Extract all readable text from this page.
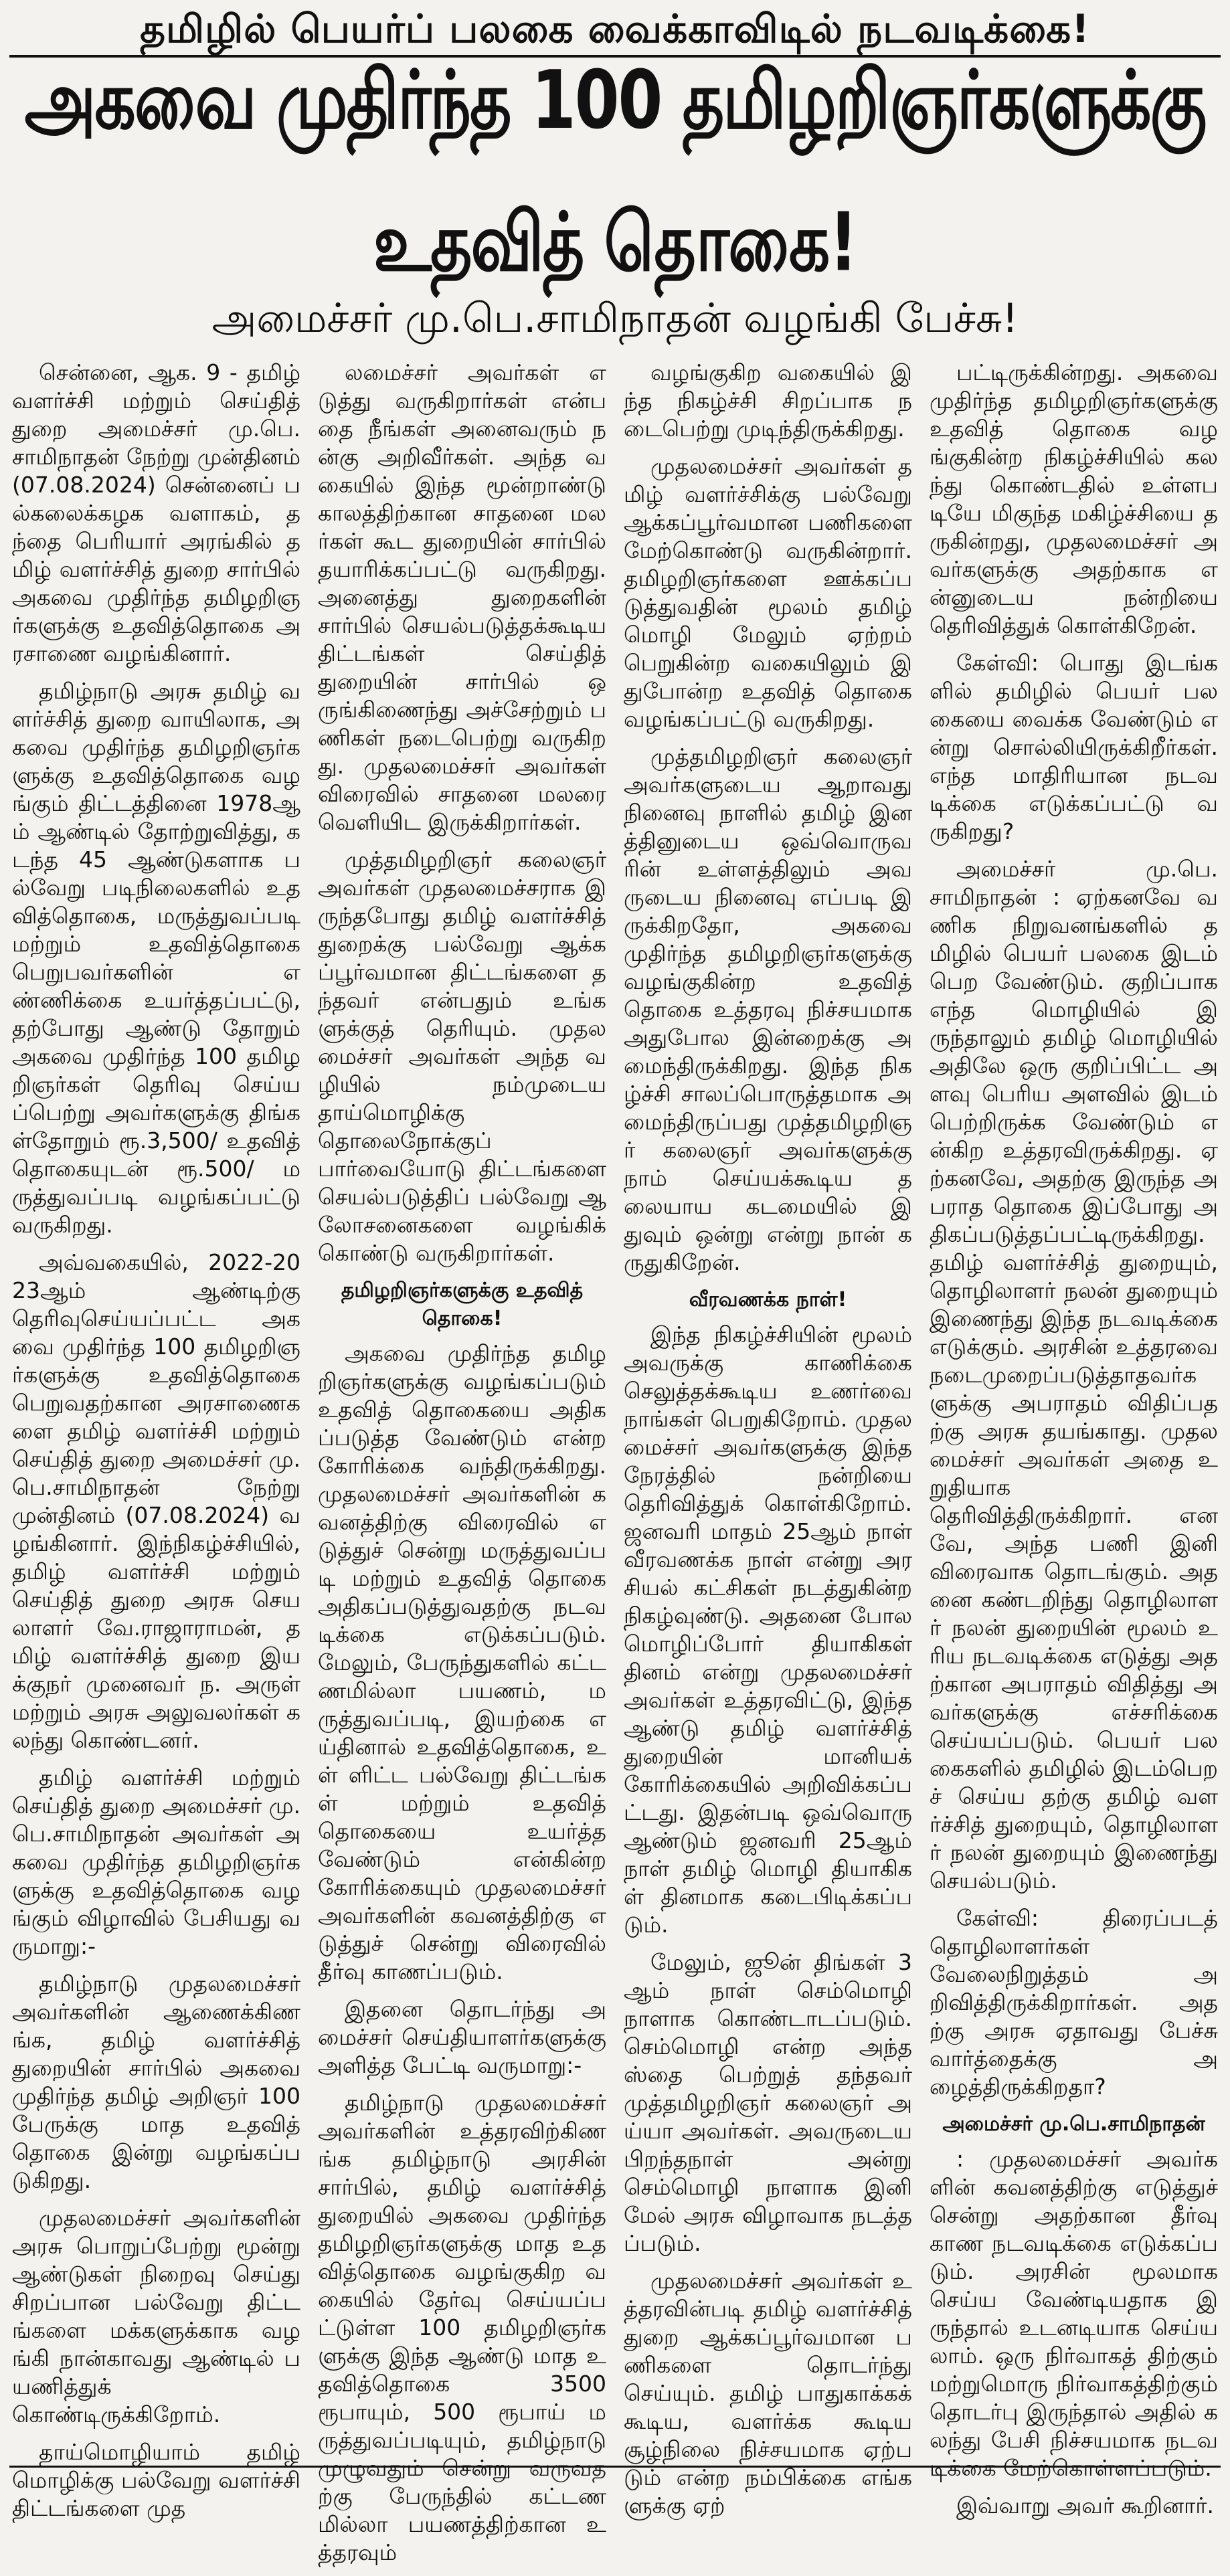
தமிழில் பெயர்ப் பலகை வைக்காவிடில் நடவடிக்கை!
அகவை முதிர்ந்த 100 தமிழறிஞர்களுக்கு உதவித் தொகை!
அமைச்சர் மு.பெ.சாமிநாதன் வழங்கி பேச்சு!

சென்னை, ஆக. 9 - தமிழ் வளர்ச்சி மற்றும் செய்தித் துறை அமைச்சர் மு.பெ.சாமிநாதன் நேற்று முன்தினம் (07.08.2024) சென்னைப் பல்கலைக்கழக வளாகம், தந்தை பெரியார் அரங்கில் தமிழ் வளர்ச்சித் துறை சார்பில் அகவை முதிர்ந்த தமிழறிஞர்களுக்கு உதவித்தொகை அரசாணை வழங்கினார்.

தமிழ்நாடு அரசு தமிழ் வளர்ச்சித் துறை வாயிலாக, அகவை முதிர்ந்த தமிழறிஞர்களுக்கு உதவித்தொகை வழங்கும் திட்டத்தினை 1978ஆம் ஆண்டில் தோற்றுவித்து, கடந்த 45 ஆண்டுகளாக பல்வேறு படிநிலைகளில் உதவித்தொகை, மருத்துவப்படி மற்றும் உதவித்தொகை பெறுபவர்களின் எண்ணிக்கை உயர்த்தப்பட்டு, தற்போது ஆண்டு தோறும் அகவை முதிர்ந்த 100 தமிழறிஞர்கள் தெரிவு செய்யப்பெற்று அவர்களுக்கு திங்கள்தோறும் ரூ.3,500/ உதவித் தொகையுடன் ரூ.500/ மருத்துவப்படி வழங்கப்பட்டு வருகிறது.

அவ்வகையில், 2022-2023ஆம் ஆண்டிற்கு தெரிவுசெய்யப்பட்ட அகவை முதிர்ந்த 100 தமிழறிஞர்களுக்கு உதவித்தொகை பெறுவதற்கான அரசாணைகளை தமிழ் வளர்ச்சி மற்றும் செய்தித் துறை அமைச்சர் மு.பெ.சாமிநாதன் நேற்று முன்தினம் (07.08.2024) வழங்கினார். இந்நிகழ்ச்சியில், தமிழ் வளர்ச்சி மற்றும் செய்தித் துறை அரசு செயலாளர் வே.ராஜாராமன், தமிழ் வளர்ச்சித் துறை இயக்குநர் முனைவர் ந. அருள் மற்றும் அரசு அலுவலர்கள் கலந்து கொண்டனர்.

தமிழ் வளர்ச்சி மற்றும் செய்தித் துறை அமைச்சர் மு.பெ.சாமிநாதன் அவர்கள் அகவை முதிர்ந்த தமிழறிஞர்களுக்கு உதவித்தொகை வழங்கும் விழாவில் பேசியது வருமாறு:-

தமிழ்நாடு முதலமைச்சர் அவர்களின் ஆணைக்கிணங்க, தமிழ் வளர்ச்சித் துறையின் சார்பில் அகவை முதிர்ந்த தமிழ் அறிஞர் 100 பேருக்கு மாத உதவித் தொகை இன்று வழங்கப்படுகிறது.

முதலமைச்சர் அவர்களின் அரசு பொறுப்பேற்று மூன்று ஆண்டுகள் நிறைவு செய்து சிறப்பான பல்வேறு திட்டங்களை மக்களுக்காக வழங்கி நான்காவது ஆண்டில் பயணித்துக் கொண்டிருக்கிறோம்.

தாய்மொழியாம் தமிழ் மொழிக்கு பல்வேறு வளர்ச்சி திட்டங்களை முத

லமைச்சர் அவர்கள் எடுத்து வருகிறார்கள் என்பதை நீங்கள் அனைவரும் நன்கு அறிவீர்கள். அந்த வகையில் இந்த மூன்றாண்டு காலத்திற்கான சாதனை மலர்கள் கூட துறையின் சார்பில் தயாரிக்கப்பட்டு வருகிறது. அனைத்து துறைகளின் சார்பில் செயல்படுத்தக்கூடிய திட்டங்கள் செய்தித் துறையின் சார்பில் ஒருங்கிணைந்து அச்சேற்றும் பணிகள் நடைபெற்று வருகிறது. முதலமைச்சர் அவர்கள் விரைவில் சாதனை மலரை வெளியிட இருக்கிறார்கள்.

முத்தமிழறிஞர் கலைஞர் அவர்கள் முதலமைச்சராக இருந்தபோது தமிழ் வளர்ச்சித் துறைக்கு பல்வேறு ஆக்கப்பூர்வமான திட்டங்களை தந்தவர் என்பதும் உங்களுக்குத் தெரியும். முதலமைச்சர் அவர்கள் அந்த வழியில் நம்முடைய தாய்மொழிக்கு தொலைநோக்குப் பார்வையோடு திட்டங்களை செயல்படுத்திப் பல்வேறு ஆலோசனைகளை வழங்கிக் கொண்டு வருகிறார்கள்.

தமிழறிஞர்களுக்கு உதவித் தொகை!

அகவை முதிர்ந்த தமிழறிஞர்களுக்கு வழங்கப்படும் உதவித் தொகையை அதிகப்படுத்த வேண்டும் என்ற கோரிக்கை வந்திருக்கிறது. முதலமைச்சர் அவர்களின் கவனத்திற்கு விரைவில் எடுத்துச் சென்று மருத்துவப்படி மற்றும் உதவித் தொகை அதிகப்படுத்துவதற்கு நடவடிக்கை எடுக்கப்படும். மேலும், பேருந்துகளில் கட்டணமில்லா பயணம், மருத்துவப்படி, இயற்கை எய்தினால் உதவித்தொகை, உள் ளிட்ட பல்வேறு திட்டங்கள் மற்றும் உதவித் தொகையை உயர்த்தவேண்டும் என்கின்ற கோரிக்கையும் முதலமைச்சர் அவர்களின் கவனத்திற்கு எடுத்துச் சென்று விரைவில் தீர்வு காணப்படும்.

இதனை தொடர்ந்து அமைச்சர் செய்தியாளர்களுக்கு அளித்த பேட்டி வருமாறு:-

தமிழ்நாடு முதலமைச்சர் அவர்களின் உத்தரவிற்கிணங்க தமிழ்நாடு அரசின் சார்பில், தமிழ் வளர்ச்சித் துறையில் அகவை முதிர்ந்த தமிழறிஞர்களுக்கு மாத உதவித்தொகை வழங்குகிற வகையில் தேர்வு செய்யப்பட்டுள்ள 100 தமிழறிஞர்களுக்கு இந்த ஆண்டு மாத உதவித்தொகை 3500 ரூபாயும், 500 ரூபாய் மருத்துவப்படியும், தமிழ்நாடு முழுவதும் சென்று வருவதற்கு பேருந்தில் கட்டணமில்லா பயணத்திற்கான உத்தரவும்

வழங்குகிற வகையில் இந்த நிகழ்ச்சி சிறப்பாக நடைபெற்று முடிந்திருக்கிறது.

முதலமைச்சர் அவர்கள் தமிழ் வளர்ச்சிக்கு பல்வேறு ஆக்கப்பூர்வமான பணிகளை மேற்கொண்டு வருகின்றார். தமிழறிஞர்களை ஊக்கப்படுத்துவதின் மூலம் தமிழ் மொழி மேலும் ஏற்றம் பெறுகின்ற வகையிலும் இதுபோன்ற உதவித் தொகை வழங்கப்பட்டு வருகிறது.

முத்தமிழறிஞர் கலைஞர் அவர்களுடைய ஆறாவது நினைவு நாளில் தமிழ் இனத்தினுடைய ஒவ்வொருவரின் உள்ளத்திலும் அவருடைய நினைவு எப்படி இருக்கிறதோ, அகவை முதிர்ந்த தமிழறிஞர்களுக்கு வழங்குகின்ற உதவித் தொகை உத்தரவு நிச்சயமாக அதுபோல இன்றைக்கு அமைந்திருக்கிறது. இந்த நிகழ்ச்சி சாலப்பொருத்தமாக அமைந்திருப்பது முத்தமிழறிஞர் கலைஞர் அவர்களுக்கு நாம் செய்யக்கூடிய தலையாய கடமையில் இதுவும் ஒன்று என்று நான் கருதுகிறேன்.

வீரவணக்க நாள்!

இந்த நிகழ்ச்சியின் மூலம் அவருக்கு காணிக்கை செலுத்தக்கூடிய உணர்வை நாங்கள் பெறுகிறோம். முதலமைச்சர் அவர்களுக்கு இந்த நேரத்தில் நன்றியை தெரிவித்துக் கொள்கிறோம். ஜனவரி மாதம் 25ஆம் நாள் வீரவணக்க நாள் என்று அரசியல் கட்சிகள் நடத்துகின்ற நிகழ்வுண்டு. அதனை போல மொழிப்போர் தியாகிகள் தினம் என்று முதலமைச்சர் அவர்கள் உத்தரவிட்டு, இந்த ஆண்டு தமிழ் வளர்ச்சித் துறையின் மானியக் கோரிக்கையில் அறிவிக்கப்பட்டது. இதன்படி ஒவ்வொரு ஆண்டும் ஜனவரி 25ஆம் நாள் தமிழ் மொழி தியாகிகள் தினமாக கடைபிடிக்கப்படும்.

மேலும், ஜூன் திங்கள் 3ஆம் நாள் செம்மொழி நாளாக கொண்டாடப்படும். செம்மொழி என்ற அந்தஸ்தை பெற்றுத் தந்தவர் முத்தமிழறிஞர் கலைஞர் அய்யா அவர்கள். அவருடைய பிறந்தநாள் அன்று செம்மொழி நாளாக இனி மேல் அரசு விழாவாக நடத்தப்படும்.

முதலமைச்சர் அவர்கள் உத்தரவின்படி தமிழ் வளர்ச்சித் துறை ஆக்கப்பூர்வமான பணிகளை தொடர்ந்து செய்யும். தமிழ் பாதுகாக்கக் கூடிய, வளர்க்க கூடிய சூழ்நிலை நிச்சயமாக ஏற்படும் என்ற நம்பிக்கை எங்களுக்கு ஏற்

பட்டிருக்கின்றது. அகவை முதிர்ந்த தமிழறிஞர்களுக்கு உதவித் தொகை வழங்குகின்ற நிகழ்ச்சியில் கலந்து கொண்டதில் உள்ளபடியே மிகுந்த மகிழ்ச்சியை தருகின்றது, முதலமைச்சர் அவர்களுக்கு அதற்காக என்னுடைய நன்றியை தெரிவித்துக் கொள்கிறேன்.

கேள்வி: பொது இடங்களில் தமிழில் பெயர் பலகையை வைக்க வேண்டும் என்று சொல்லியிருக்கிறீர்கள். எந்த மாதிரியான நடவடிக்கை எடுக்கப்பட்டு வருகிறது?

அமைச்சர் மு.பெ.சாமிநாதன் : ஏற்கனவே வணிக நிறுவனங்களில் தமிழில் பெயர் பலகை இடம் பெற வேண்டும். குறிப்பாக எந்த மொழியில் இருந்தாலும் தமிழ் மொழியில் அதிலே ஒரு குறிப்பிட்ட அளவு பெரிய அளவில் இடம் பெற்றிருக்க வேண்டும் என்கிற உத்தரவிருக்கிறது. ஏற்கனவே, அதற்கு இருந்த அபராத தொகை இப்போது அதிகப்படுத்தப்பட்டிருக்கிறது. தமிழ் வளர்ச்சித் துறையும், தொழிலாளர் நலன் துறையும் இணைந்து இந்த நடவடிக்கை எடுக்கும். அரசின் உத்தரவை நடைமுறைப்படுத்தாதவர்களுக்கு அபராதம் விதிப்பதற்கு அரசு தயங்காது. முதலமைச்சர் அவர்கள் அதை உறுதியாக தெரிவித்திருக்கிறார். எனவே, அந்த பணி இனி விரைவாக தொடங்கும். அதனை கண்டறிந்து தொழிலாளர் நலன் துறையின் மூலம் உரிய நடவடிக்கை எடுத்து அதற்கான அபராதம் விதித்து அவர்களுக்கு எச்சரிக்கை செய்யப்படும். பெயர் பலகைகளில் தமிழில் இடம்பெறச் செய்ய தற்கு தமிழ் வளர்ச்சித் துறையும், தொழிலாளர் நலன் துறையும் இணைந்து செயல்படும்.

கேள்வி: திரைப்படத் தொழிலாளர்கள் வேலைநிறுத்தம் அறிவித்திருக்கிறார்கள். அதற்கு அரசு ஏதாவது பேச்சு வார்த்தைக்கு அழைத்திருக்கிறதா?

அமைச்சர் மு.பெ.சாமிநாதன்

: முதலமைச்சர் அவர்களின் கவனத்திற்கு எடுத்துச் சென்று அதற்கான தீர்வு காண நடவடிக்கை எடுக்கப்படும். அரசின் மூலமாக செய்ய வேண்டியதாக இருந்தால் உடனடியாக செய்யலாம். ஒரு நிர்வாகத் திற்கும் மற்றுமொரு நிர்வாகத்திற்கும் தொடர்பு இருந்தால் அதில் கலந்து பேசி நிச்சயமாக நடவடிக்கை மேற்கொள்ளப்படும்.

இவ்வாறு அவர் கூறினார்.
